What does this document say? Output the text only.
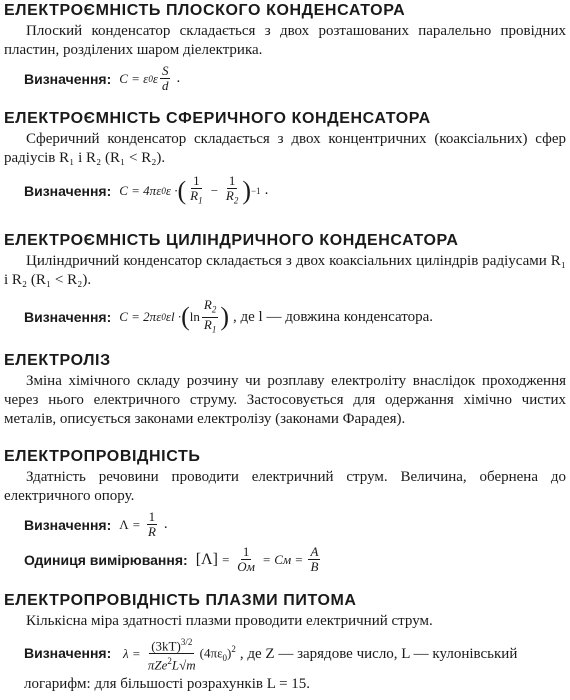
ЕЛЕКТРОЄМНІСТЬ ПЛОСКОГО КОНДЕНСАТОРА

Плоский конденсатор складається з двох розташованих паралельно провідних пластин, розділених шаром діелектрика.

Визначення: C = ε 0 ε $\frac{S}{d}$ .
ЕЛЕКТРОЄМНІСТЬ СФЕРИЧНОГО КОНДЕНСАТОРА

Сферичний конденсатор складається з двох концентричних (коаксіальних) сфер радіусів R₁ і R₂ (R₁ < R₂).

Визначення: C = 4πε 0 ε · ( $\frac{1}{R_1} - \frac{1}{R_2}$ ) −1 .
ЕЛЕКТРОЄМНІСТЬ ЦИЛІНДРИЧНОГО КОНДЕНСАТОРА

Циліндричний конденсатор складається з двох коаксіальних циліндрів радіусами R₁ і R₂ (R₁ < R₂).

Визначення: C = 2πε 0 εl · ( $\ln \frac{R_2}{R_1}$ ) , де l — довжина конденсатора.
ЕЛЕКТРОЛІЗ

Зміна хімічного складу розчину чи розплаву електроліту внаслідок проходження через нього електричного струму. Застосовується для одержання хімічно чистих металів, описується законами електролізу (законами Фарадея).

ЕЛЕКТРОПРОВІДНІСТЬ

Здатність речовини проводити електричний струм. Величина, обернена до електричного опору.

Визначення: $\Lambda = \frac{1}{R}$ .
Одиниця вимірювання: $[\Lambda] = \frac{1}{Ом}$ = См = $\frac{А}{В}$
ЕЛЕКТРОПРОВІДНІСТЬ ПЛАЗМИ ПИТОМА

Кількісна міра здатності плазми проводити електричний струм.

Визначення: $\lambda = \frac{(3kT)^{3/2}}{\pi Ze^2L√m} (4\pi\varepsilon_0)^2$ , де Z — зарядове число, L — кулонівський логарифм: для більшості розрахунків L = 15.
